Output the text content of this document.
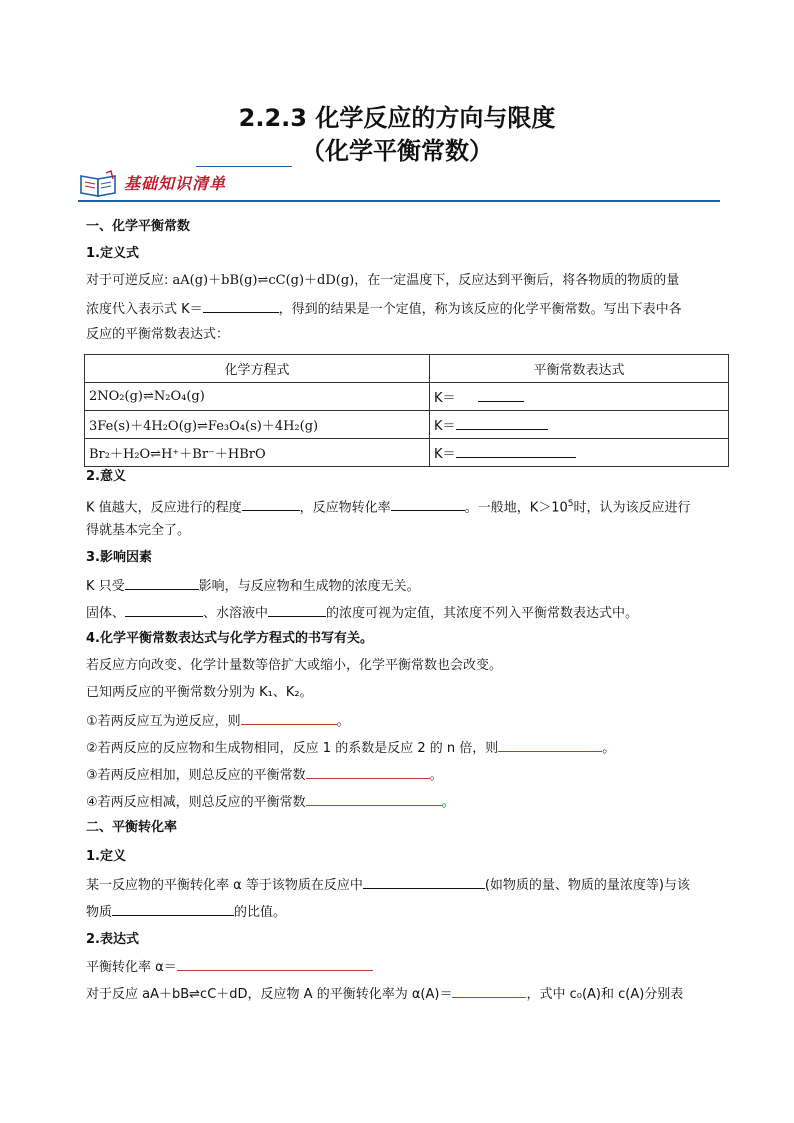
2.2.3 化学反应的方向与限度
（化学平衡常数）
基础知识清单
一、化学平衡常数
1.定义式
对于可逆反应: aA(g)＋bB(g)⇌cC(g)＋dD(g)，在一定温度下，反应达到平衡后，将各物质的物质的量
浓度代入表示式 K＝	，得到的结果是一个定值，称为该反应的化学平衡常数。写出下表中各
反应的平衡常数表达式：
化学方程式	平衡常数表达式
2NO₂(g)⇌N₂O₄(g)	K＝
3Fe(s)＋4H₂O(g)⇌Fe₃O₄(s)＋4H₂(g)	K＝
Br₂＋H₂O⇌H⁺＋Br⁻＋HBrO	K＝
2.意义
K 值越大，反应进行的程度	，反应物转化率	。一般地，$K>10^5$时，认为该反应进行
得就基本完全了。
3.影响因素
K 只受	影响，与反应物和生成物的浓度无关。
固体、	、水溶液中	的浓度可视为定值，其浓度不列入平衡常数表达式中。
4.化学平衡常数表达式与化学方程式的书写有关。
若反应方向改变、化学计量数等倍扩大或缩小，化学平衡常数也会改变。
已知两反应的平衡常数分别为 K₁、K₂。
①若两反应互为逆反应，则	。
②若两反应的反应物和生成物相同，反应 1 的系数是反应 2 的 n 倍，则	。
③若两反应相加，则总反应的平衡常数	。
④若两反应相减，则总反应的平衡常数	。
二、平衡转化率
1.定义
某一反应物的平衡转化率 α 等于该物质在反应中	(如物质的量、物质的量浓度等)与该
物质	的比值。
2.表达式
平衡转化率 α＝
对于反应 aA＋bB⇌cC＋dD，反应物 A 的平衡转化率为 α(A)＝	，式中 c₀(A)和 c(A)分别表
